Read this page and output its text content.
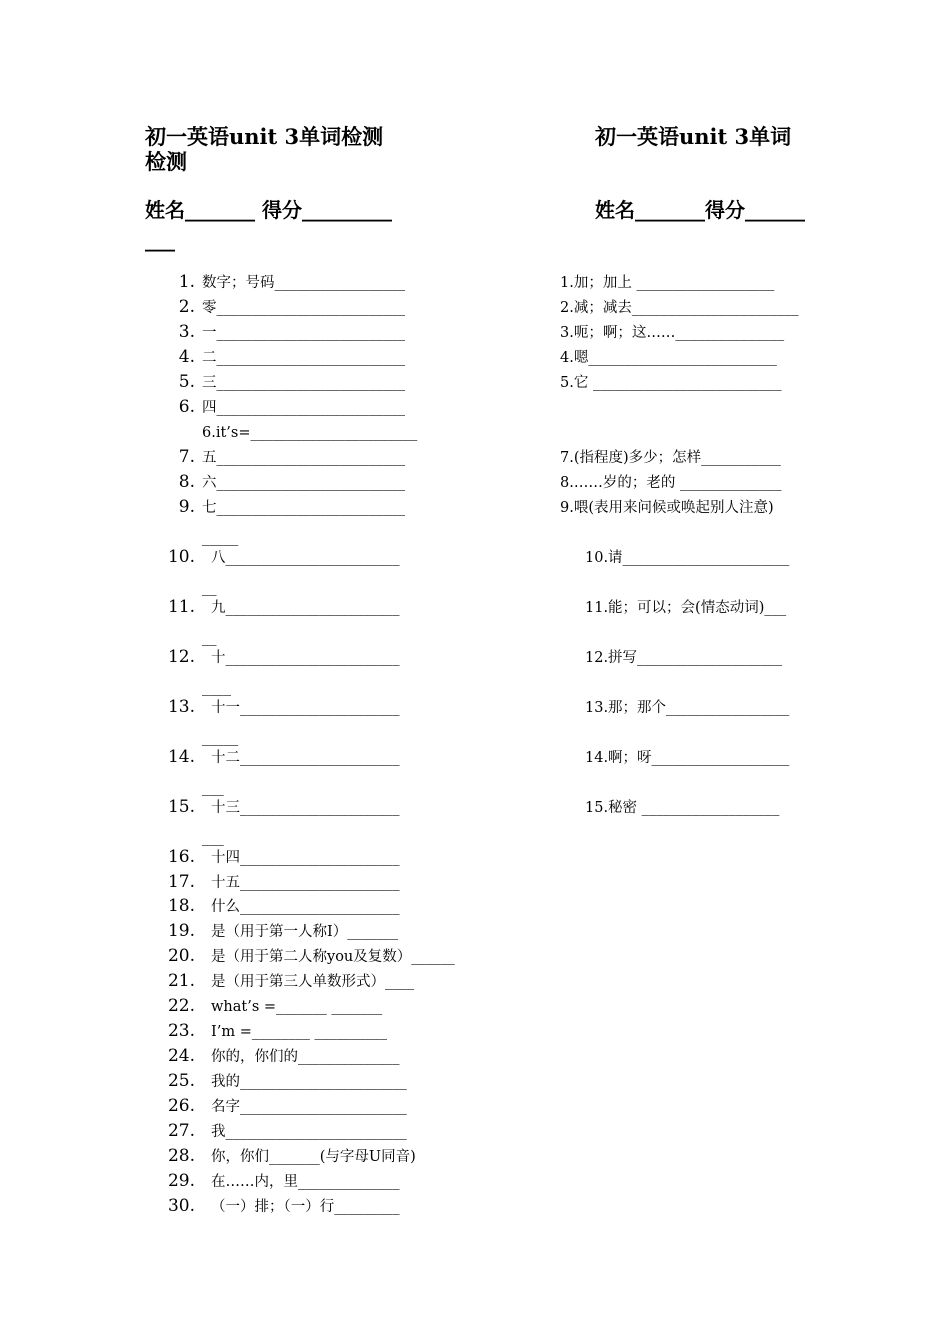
初一英语unit 3单词检测
检测
姓名_______ 得分_________
___
1. 数字；号码__________________
2. 零__________________________
3. 一__________________________
4. 二__________________________
5. 三__________________________
6. 四__________________________
6.it’s=_______________________
7. 五__________________________
8. 六__________________________
9. 七__________________________
_____
10. 八________________________
__
11. 九________________________
__
12. 十________________________
____
13. 十一______________________
_____
14. 十二______________________
___
15. 十三______________________
___
16. 十四______________________
17. 十五______________________
18. 什么______________________
19. 是（用于第一人称I）_______
20. 是（用于第二人称you及复数）______
21. 是（用于第三人单数形式）____
22. what’s =_______ _______
23. I’m =________ __________
24. 你的，你们的______________
25. 我的_______________________
26. 名字_______________________
27. 我_________________________
28. 你，你们_______(与字母U同音)
29. 在……内，里______________
30. （一）排；（一）行_________
初一英语unit 3单词
姓名_______得分______
1.加；加上 ___________________
2.减；减去_______________________
3.呃；啊；这……_______________
4.嗯__________________________
5.它 __________________________
7.(指程度)多少；怎样___________
8.……岁的；老的 ______________
9.喂(表用来问候或唤起别人注意)
10.请_______________________
11.能；可以；会(情态动词)___
12.拼写____________________
13.那；那个_________________
14.啊；呀___________________
15.秘密 ___________________
